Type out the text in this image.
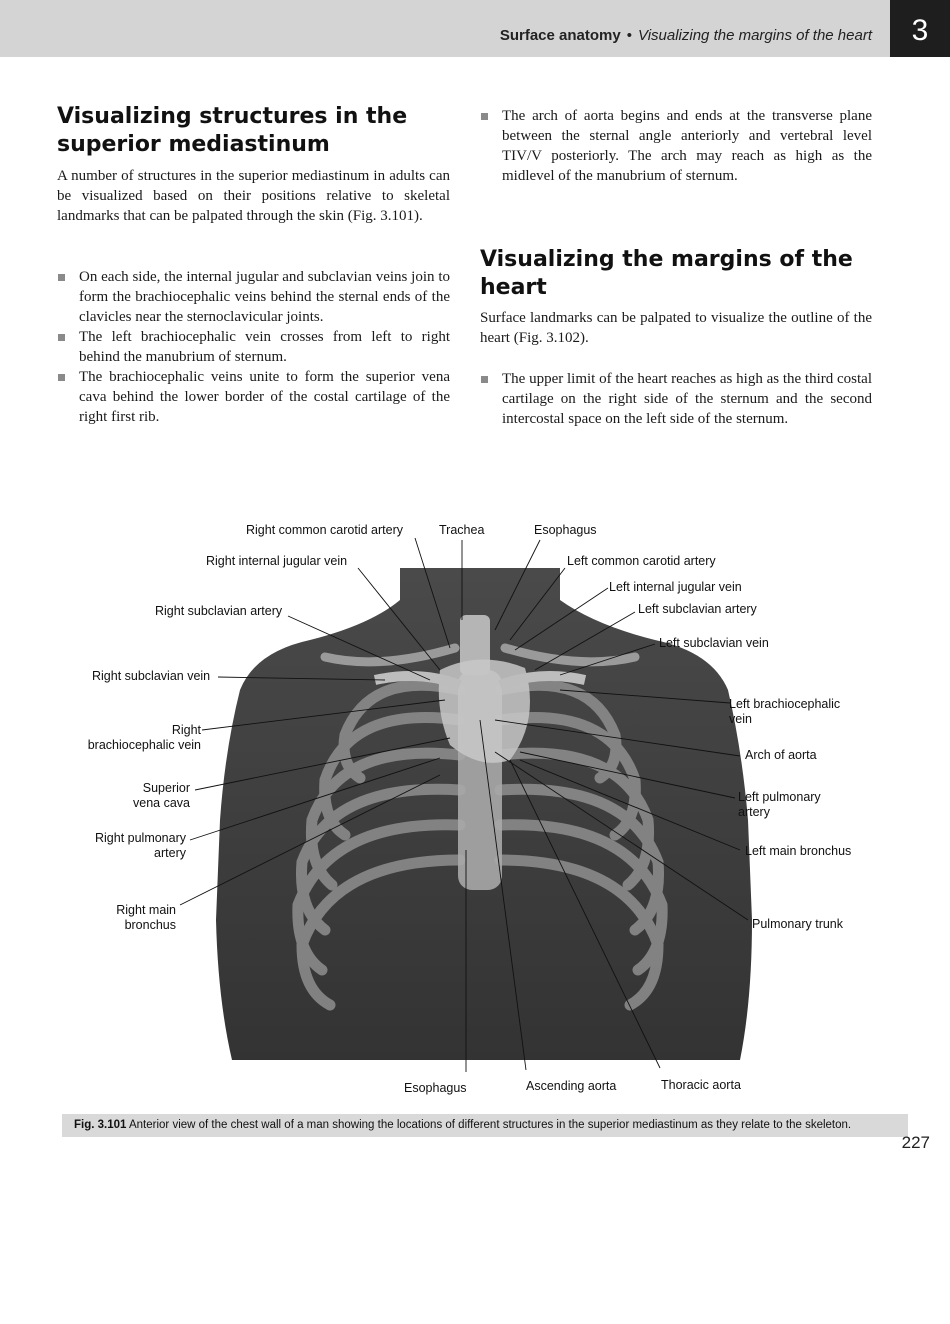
Surface anatomy • Visualizing the margins of the heart	3
Visualizing structures in the superior mediastinum

A number of structures in the superior mediastinum in adults can be visualized based on their positions relative to skeletal landmarks that can be palpated through the skin (Fig. 3.101).

On each side, the internal jugular and subclavian veins join to form the brachiocephalic veins behind the sternal ends of the clavicles near the sternoclavicular joints.
The left brachiocephalic vein crosses from left to right behind the manubrium of sternum.
The brachiocephalic veins unite to form the superior vena cava behind the lower border of the costal cartilage of the right first rib.
The arch of aorta begins and ends at the transverse plane between the sternal angle anteriorly and vertebral level TIV/V posteriorly. The arch may reach as high as the midlevel of the manubrium of sternum.
Visualizing the margins of the heart

Surface landmarks can be palpated to visualize the outline of the heart (Fig. 3.102).

The upper limit of the heart reaches as high as the third costal cartilage on the right side of the sternum and the second intercostal space on the left side of the sternum.
Right common carotid artery	Trachea	Esophagus
Right internal jugular vein	Left common carotid artery
Left internal jugular vein
Right subclavian artery	Left subclavian artery
Left subclavian vein
Right subclavian vein
Left brachiocephalic
vein
Right
brachiocephalic vein
Arch of aorta
Superior
vena cava	Left pulmonary
artery
Right pulmonary
artery	Left main bronchus
Right main
bronchus	Pulmonary trunk
Esophagus	Ascending aorta	Thoracic aorta
Fig. 3.101 Anterior view of the chest wall of a man showing the locations of different structures in the superior mediastinum as they relate to the skeleton.
227
